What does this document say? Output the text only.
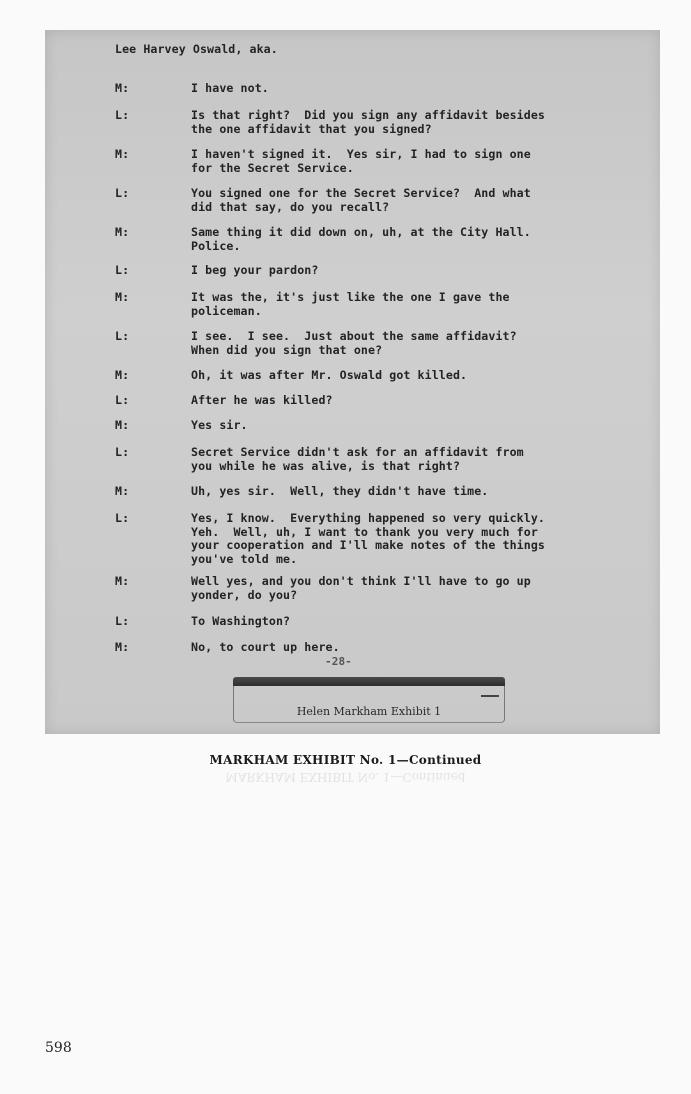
Lee Harvey Oswald, aka.

M:

	I have not.

L:

	Is that right?  Did you sign any affidavit besides
the one affidavit that you signed?

M:

	I haven't signed it.  Yes sir, I had to sign one
for the Secret Service.

L:

	You signed one for the Secret Service?  And what
did that say, do you recall?

M:

	Same thing it did down on, uh, at the City Hall.
Police.

L:

	I beg your pardon?

M:

	It was the, it's just like the one I gave the
policeman.

L:

	I see.  I see.  Just about the same affidavit?
When did you sign that one?

M:

	Oh, it was after Mr. Oswald got killed.

L:

	After he was killed?

M:

	Yes sir.

L:

	Secret Service didn't ask for an affidavit from
you while he was alive, is that right?

M:

	Uh, yes sir.  Well, they didn't have time.

L:

	Yes, I know.  Everything happened so very quickly.
Yeh.  Well, uh, I want to thank you very much for
your cooperation and I'll make notes of the things
you've told me.

M:

	Well yes, and you don't think I'll have to go up
yonder, do you?

L:

	To Washington?

M:

	No, to court up here.

-28-
Helen Markham Exhibit 1
MARKHAM EXHIBIT No. 1—Continued
MARKHAM EXHIBIT No. 1—Continued
598
